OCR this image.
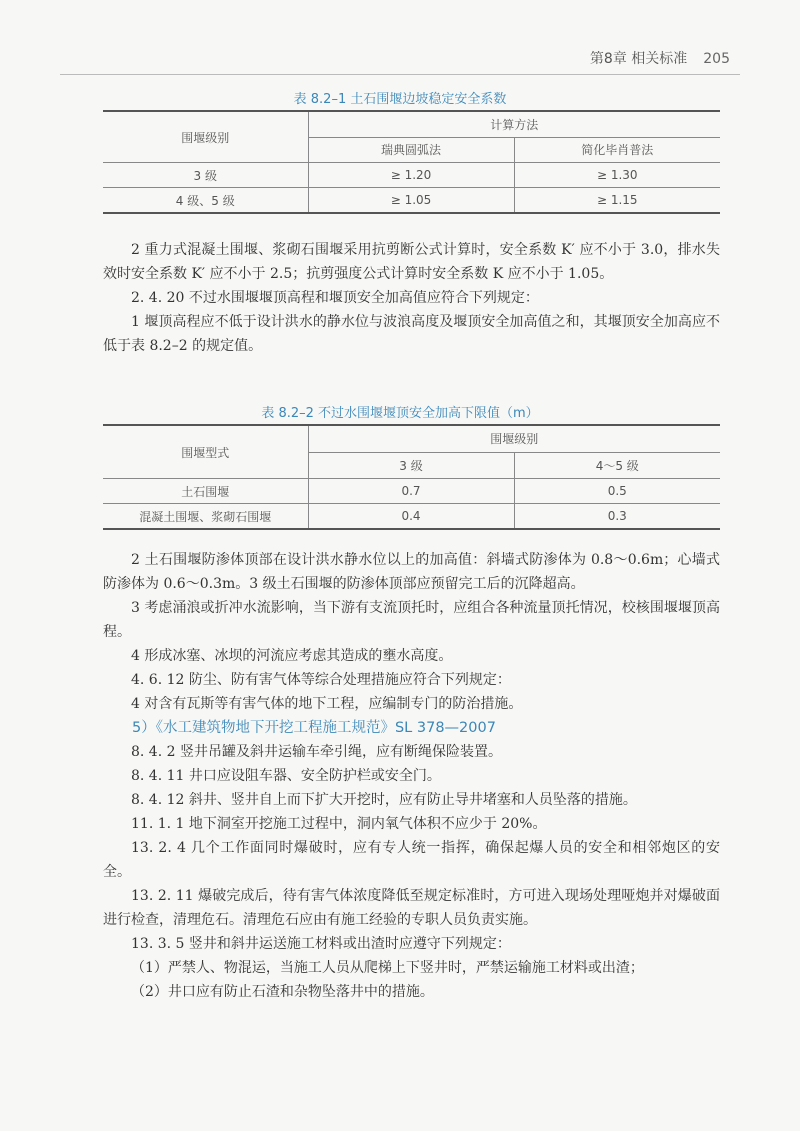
第8章 相关标准 205
表 8.2–1 土石围堰边坡稳定安全系数
围堰级别	计算方法	
	瑞典圆弧法	简化毕肖普法
3 级	≥ 1.20	≥ 1.30
4 级、5 级	≥ 1.05	≥ 1.15

2 重力式混凝土围堰、浆砌石围堰采用抗剪断公式计算时，安全系数 K′ 应不小于 3.0，排水失效时安全系数 K′ 应不小于 2.5；抗剪强度公式计算时安全系数 K 应不小于 1.05。

2. 4. 20 不过水围堰堰顶高程和堰顶安全加高值应符合下列规定：

1 堰顶高程应不低于设计洪水的静水位与波浪高度及堰顶安全加高值之和，其堰顶安全加高应不低于表 8.2–2 的规定值。

表 8.2–2 不过水围堰堰顶安全加高下限值（m）
围堰型式	围堰级别	
	3 级	4～5 级
土石围堰	0.7	0.5
混凝土围堰、浆砌石围堰	0.4	0.3

2 土石围堰防渗体顶部在设计洪水静水位以上的加高值：斜墙式防渗体为 0.8～0.6m；心墙式防渗体为 0.6～0.3m。3 级土石围堰的防渗体顶部应预留完工后的沉降超高。

3 考虑涌浪或折冲水流影响，当下游有支流顶托时，应组合各种流量顶托情况，校核围堰堰顶高程。

4 形成冰塞、冰坝的河流应考虑其造成的壅水高度。

4. 6. 12 防尘、防有害气体等综合处理措施应符合下列规定：

4 对含有瓦斯等有害气体的地下工程，应编制专门的防治措施。

5）《水工建筑物地下开挖工程施工规范》SL 378—2007

8. 4. 2 竖井吊罐及斜井运输车牵引绳，应有断绳保险装置。

8. 4. 11 井口应设阻车器、安全防护栏或安全门。

8. 4. 12 斜井、竖井自上而下扩大开挖时，应有防止导井堵塞和人员坠落的措施。

11. 1. 1 地下洞室开挖施工过程中，洞内氧气体积不应少于 20%。

13. 2. 4 几个工作面同时爆破时，应有专人统一指挥，确保起爆人员的安全和相邻炮区的安全。

13. 2. 11 爆破完成后，待有害气体浓度降低至规定标准时，方可进入现场处理哑炮并对爆破面进行检查，清理危石。清理危石应由有施工经验的专职人员负责实施。

13. 3. 5 竖井和斜井运送施工材料或出渣时应遵守下列规定：

（1）严禁人、物混运，当施工人员从爬梯上下竖井时，严禁运输施工材料或出渣；

（2）井口应有防止石渣和杂物坠落井中的措施。
